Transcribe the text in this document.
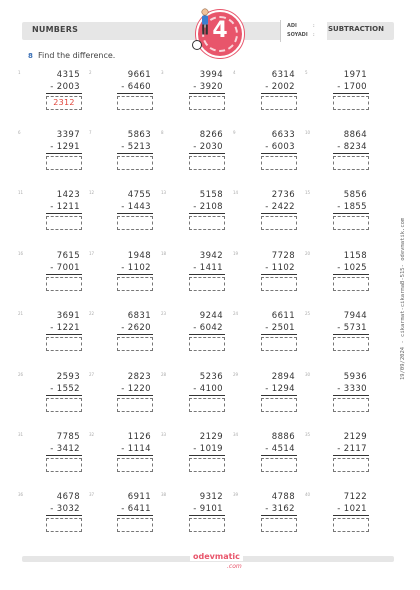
NUMBERS	4	ADI	:
SOYADI :
SUBTRACTION
8 Find the difference.
1	4315
- 2003
2312
2	9661
- 6460
3	3994
- 3920
4	6314
- 2002
5	1971
- 1700
6	3397
- 1291
7	5863
- 5213
8	8266
- 2030
9	6633
- 6003
10	8864
- 8234
11	1423
- 1211
12	4755
- 1443
13	5158
- 2108
14	2736
- 2422
15	5856
- 1855
16	7615
- 7001
17	1948
- 1102
18	3942
- 1411
19	7728
- 1102
20	1158
- 1025
21	3691
- 1221
22	6831
- 2620
23	9244
- 6042
24	6611
- 2501
25	7944
- 5731
26	2593
- 1552
27	2823
- 1220
28	5236
- 4100
29	2894
- 1294
30	5936
- 3330
31	7785
- 3412
32	1126
- 1114
33	2129
- 1019
34	8886
- 4514
35	2129
- 2117
36	4678
- 3032
37	6911
- 6411
38	9312
- 9101
39	4788
- 3162
40	7122
- 1021
19/09/2024 - cikarmat-cikarmaB-515- odevmatik.com
odevmatic
.com
